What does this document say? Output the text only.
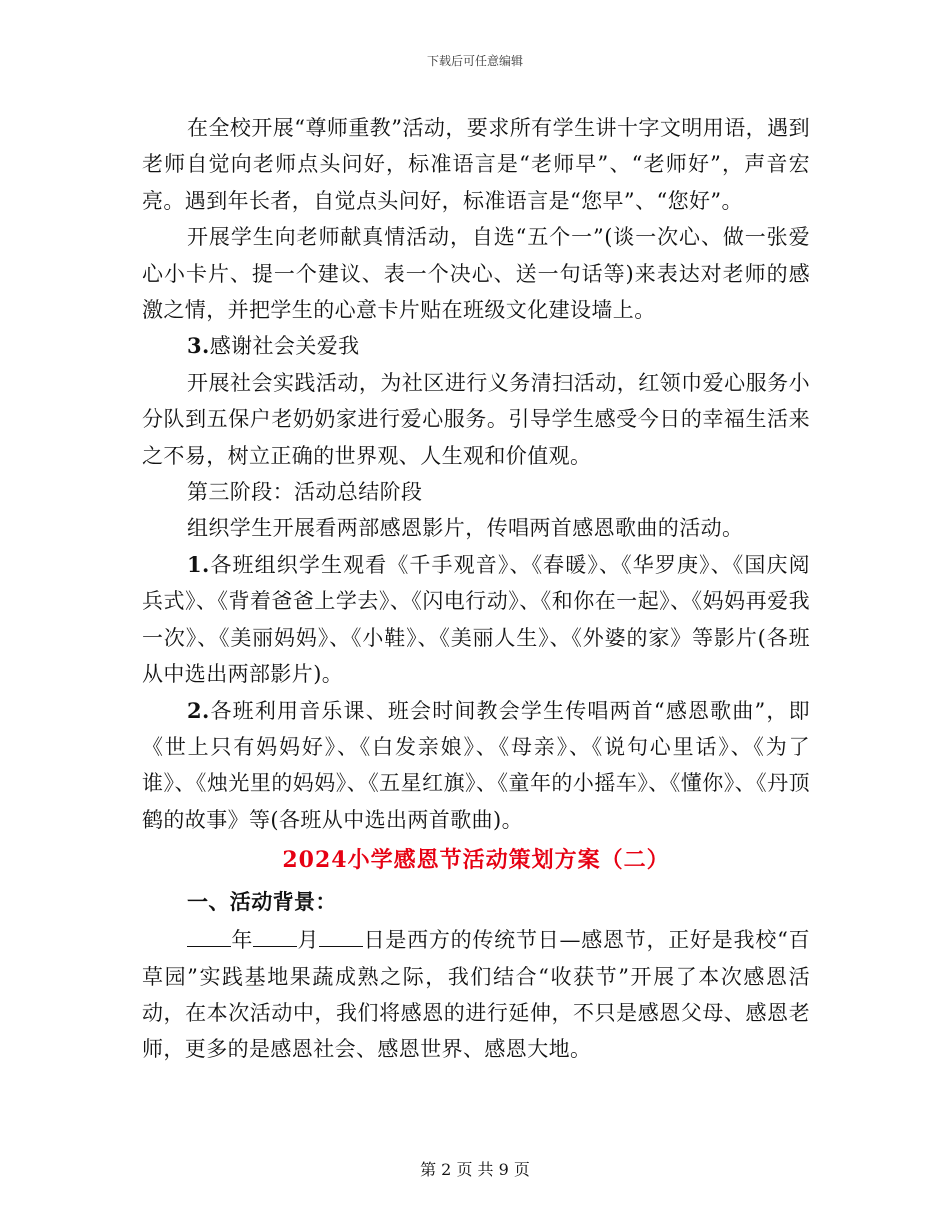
下载后可任意编辑

在全校开展“尊师重教”活动，要求所有学生讲十字文明用语，遇到老师自觉向老师点头问好，标准语言是“老师早”、“老师好”，声音宏亮。遇到年长者，自觉点头问好，标准语言是“您早”、“您好”。

开展学生向老师献真情活动，自选“五个一”(谈一次心、做一张爱心小卡片、提一个建议、表一个决心、送一句话等)来表达对老师的感激之情，并把学生的心意卡片贴在班级文化建设墙上。

3.感谢社会关爱我

开展社会实践活动，为社区进行义务清扫活动，红领巾爱心服务小分队到五保户老奶奶家进行爱心服务。引导学生感受今日的幸福生活来之不易，树立正确的世界观、人生观和价值观。

第三阶段：活动总结阶段

组织学生开展看两部感恩影片，传唱两首感恩歌曲的活动。

1.各班组织学生观看《千手观音》、《春暖》、《华罗庚》、《国庆阅兵式》、《背着爸爸上学去》、《闪电行动》、《和你在一起》、《妈妈再爱我一次》、《美丽妈妈》、《小鞋》、《美丽人生》、《外婆的家》等影片(各班从中选出两部影片)。

2.各班利用音乐课、班会时间教会学生传唱两首“感恩歌曲”，即《世上只有妈妈好》、《白发亲娘》、《母亲》、《说句心里话》、《为了谁》、《烛光里的妈妈》、《五星红旗》、《童年的小摇车》、《懂你》、《丹顶鹤的故事》等(各班从中选出两首歌曲)。

2024小学感恩节活动策划方案（二）
一、活动背景：

年 月 日是西方的传统节日—感恩节，正好是我校“百草园”实践基地果蔬成熟之际，我们结合“收获节”开展了本次感恩活动，在本次活动中，我们将感恩的进行延伸，不只是感恩父母、感恩老师，更多的是感恩社会、感恩世界、感恩大地。

第 2 页 共 9 页
